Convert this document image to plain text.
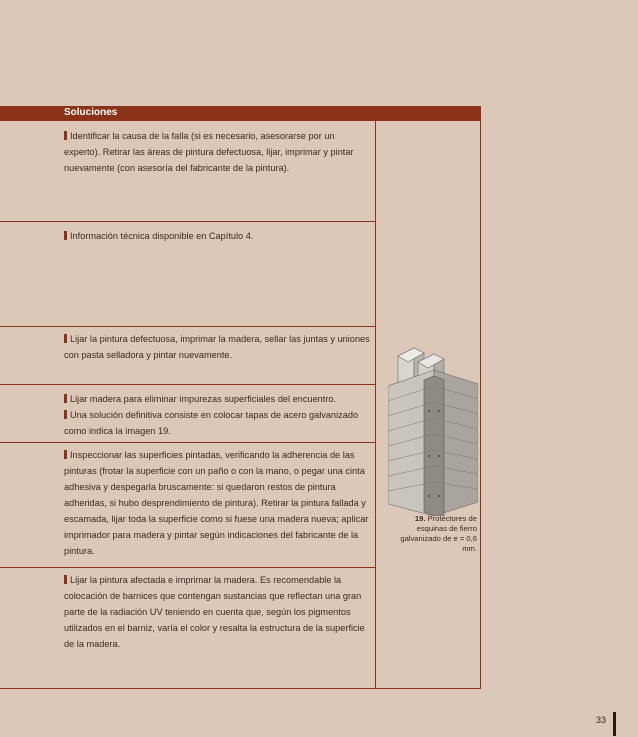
Soluciones

Identificar la causa de la falla (si es necesario, asesorarse por un experto). Retirar las áreas de pintura defectuosa, lijar, imprimar y pintar nuevamente (con asesoría del fabricante de la pintura).

Información técnica disponible en Capítulo 4.

Lijar la pintura defectuosa, imprimar la madera, sellar las juntas y uniones con pasta selladora y pintar nuevamente.

Lijar madera para eliminar impurezas superficiales del encuentro.

Una solución definitiva consiste en colocar tapas de acero galvanizado como indica la imagen 19.

Inspeccionar las superficies pintadas, verificando la adherencia de las pinturas (frotar la superficie con un paño o con la mano, o pegar una cinta adhesiva y despegarla bruscamente: si quedaron restos de pintura adheridas, si hubo desprendimiento de pintura). Retirar la pintura fallada y escamada, lijar toda la superficie como si fuese una madera nueva; aplicar imprimador para madera y pintar según indicaciones del fabricante de la pintura.

Lijar la pintura afectada e imprimar la madera. Es recomendable la colocación de barnices que contengan sustancias que reflectan una gran parte de la radiación UV teniendo en cuenta que, según los pigmentos utilizados en el barniz, varía el color y resalta la estructura de la superficie de la madera.

19. Protectores de esquinas de fierro galvanizado de e = 0,6 mm.
33
